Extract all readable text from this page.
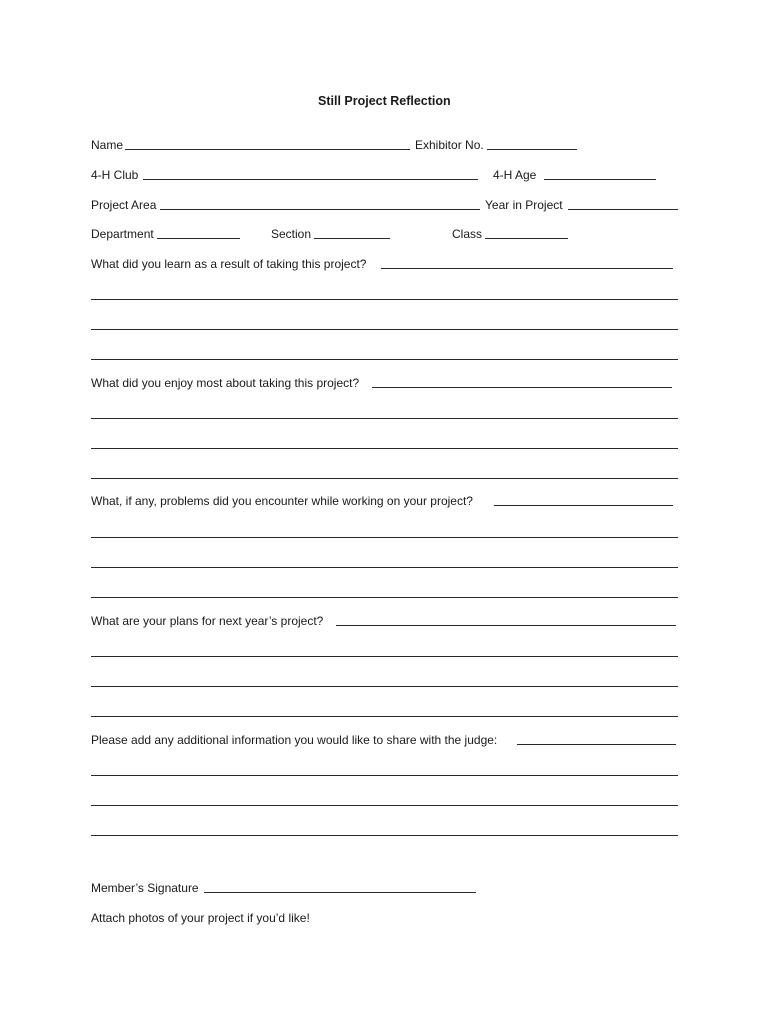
Still Project Reflection
Name	Exhibitor No.
4-H Club	4-H Age
Project Area	Year in Project
Department	Section	Class
What did you learn as a result of taking this project?
What did you enjoy most about taking this project?
What, if any, problems did you encounter while working on your project?
What are your plans for next year’s project?
Please add any additional information you would like to share with the judge:
Member’s Signature
Attach photos of your project if you’d like!
